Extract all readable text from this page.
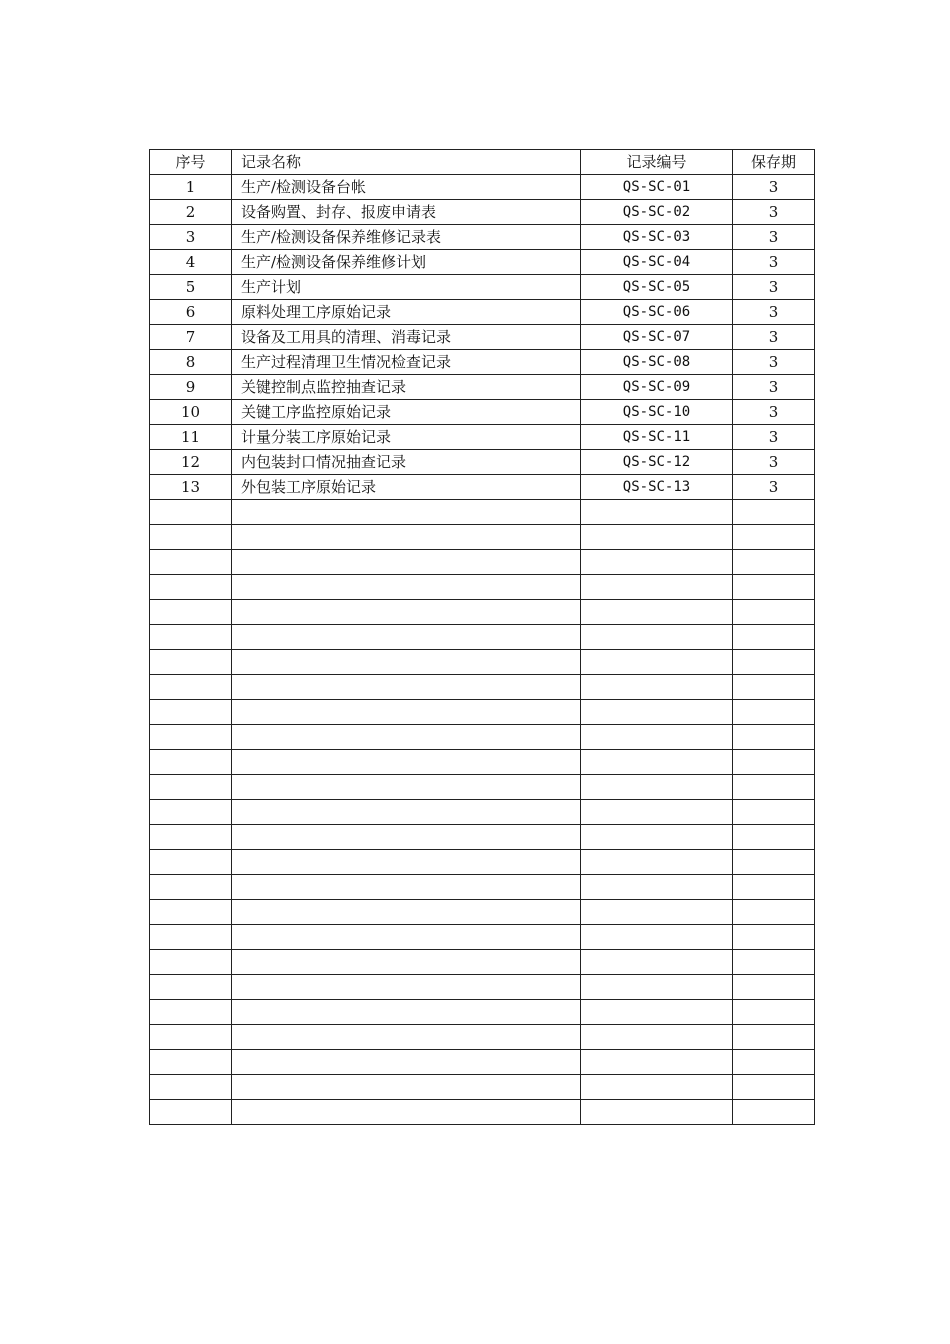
序号	记录名称	记录编号	保存期
1	生产/检测设备台帐	QS-SC-01	3
2	设备购置、封存、报废申请表	QS-SC-02	3
3	生产/检测设备保养维修记录表	QS-SC-03	3
4	生产/检测设备保养维修计划	QS-SC-04	3
5	生产计划	QS-SC-05	3
6	原料处理工序原始记录	QS-SC-06	3
7	设备及工用具的清理、消毒记录	QS-SC-07	3
8	生产过程清理卫生情况检查记录	QS-SC-08	3
9	关键控制点监控抽查记录	QS-SC-09	3
10	关键工序监控原始记录	QS-SC-10	3
11	计量分装工序原始记录	QS-SC-11	3
12	内包装封口情况抽查记录	QS-SC-12	3
13	外包装工序原始记录	QS-SC-13	3
